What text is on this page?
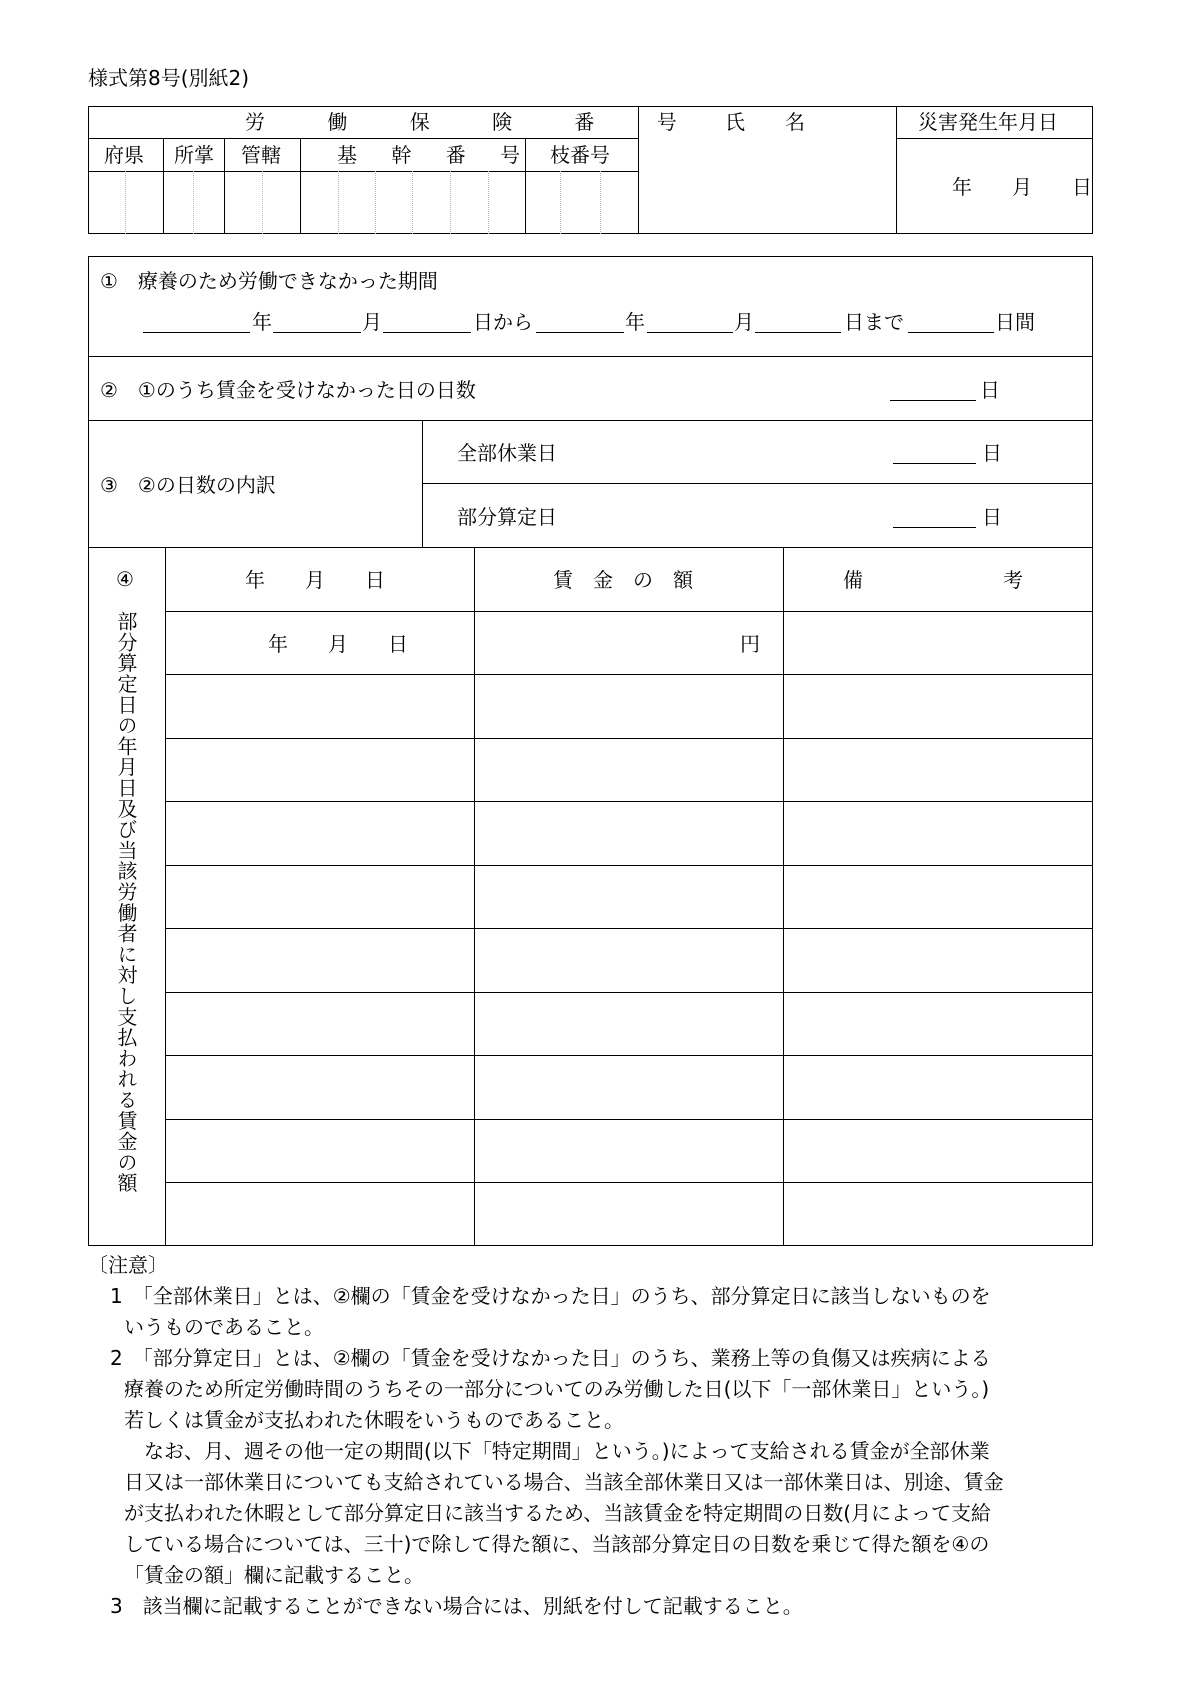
様式第8号(別紙2)
労 働 保 険 番 号 氏　　名	災害発生年月日
府県 所掌 管轄	基 幹 番 号 枝番号
年　　月　　日
①　療養のため労働できなかった期間
年	月	日から	年	月	日まで	日間
②　①のうち賃金を受けなかった日の日数	日
③　②の日数の内訳
全部休業日	日
部分算定日	日
④
部分算定日の年月日及び当該労働者に対し支払われる賃金の額
年　　月　　日	賃　金　の　額	備　　　　　　　考
年　　月　　日	円

〔注意〕

1　「全部休業日」とは、②欄の「賃金を受けなかった日」のうち、部分算定日に該当しないものを

いうものであること。

2　「部分算定日」とは、②欄の「賃金を受けなかった日」のうち、業務上等の負傷又は疾病による

療養のため所定労働時間のうちその一部分についてのみ労働した日(以下「一部休業日」という。)

若しくは賃金が支払われた休暇をいうものであること。

なお、月、週その他一定の期間(以下「特定期間」という。)によって支給される賃金が全部休業

日又は一部休業日についても支給されている場合、当該全部休業日又は一部休業日は、別途、賃金

が支払われた休暇として部分算定日に該当するため、当該賃金を特定期間の日数(月によって支給

している場合については、三十)で除して得た額に、当該部分算定日の日数を乗じて得た額を④の

「賃金の額」欄に記載すること。

3　該当欄に記載することができない場合には、別紙を付して記載すること。
